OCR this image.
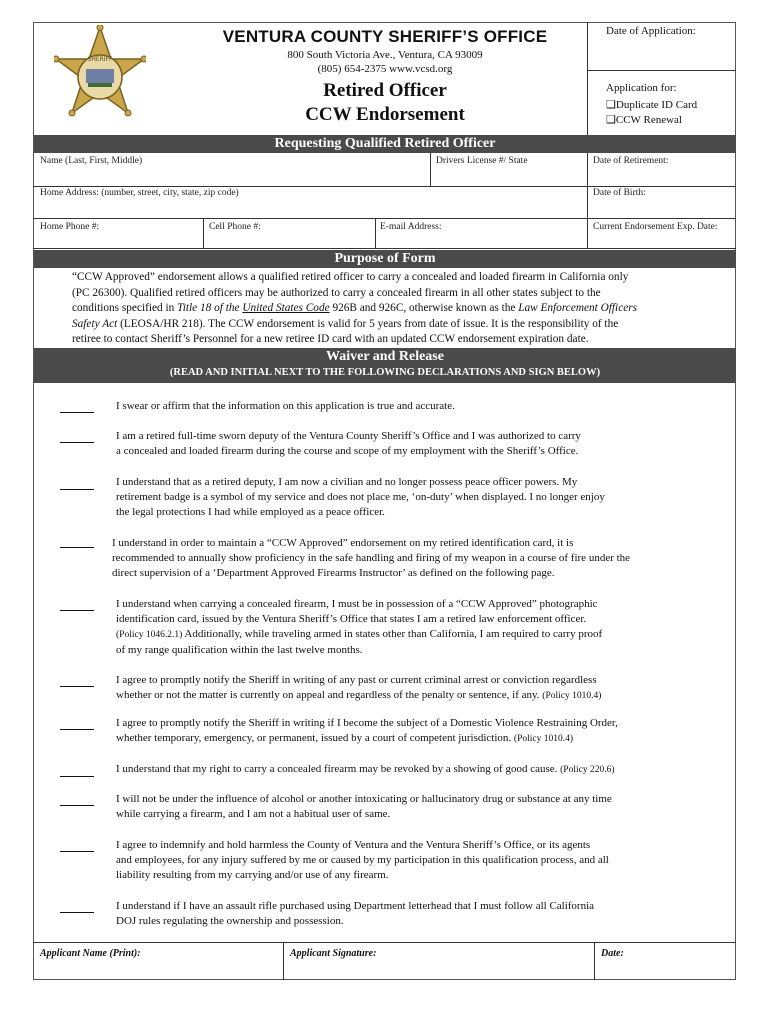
SHERIFF
VENTURA COUNTY SHERIFF’S OFFICE
800 South Victoria Ave., Ventura, CA 93009
(805) 654-2375 www.vcsd.org
Retired Officer
CCW Endorsement
Date of Application:
Application for:
❑Duplicate ID Card
❑CCW Renewal
Requesting Qualified Retired Officer
Name (Last, First, Middle)	Drivers License #/ State	Date of Retirement:
Home Address: (number, street, city, state, zip code)	Date of Birth:
Home Phone #:	Cell Phone #:	E-mail Address:	Current Endorsement Exp. Date:
Purpose of Form
“CCW Approved” endorsement allows a qualified retired officer to carry a concealed and loaded firearm in California only
(PC 26300). Qualified retired officers may be authorized to carry a concealed firearm in all other states subject to the
conditions specified in Title 18 of the United States Code 926B and 926C, otherwise known as the Law Enforcement Officers
Safety Act (LEOSA/HR 218). The CCW endorsement is valid for 5 years from date of issue. It is the responsibility of the
retiree to contact Sheriff’s Personnel for a new retiree ID card with an updated CCW endorsement expiration date.
Waiver and Release
(READ AND INITIAL NEXT TO THE FOLLOWING DECLARATIONS AND SIGN BELOW)
I swear or affirm that the information on this application is true and accurate.
I am a retired full-time sworn deputy of the Ventura County Sheriff’s Office and I was authorized to carry
a concealed and loaded firearm during the course and scope of my employment with the Sheriff’s Office.
I understand that as a retired deputy, I am now a civilian and no longer possess peace officer powers. My
retirement badge is a symbol of my service and does not place me, ‘on-duty’ when displayed. I no longer enjoy
the legal protections I had while employed as a peace officer.
I understand in order to maintain a “CCW Approved” endorsement on my retired identification card, it is
recommended to annually show proficiency in the safe handling and firing of my weapon in a course of fire under the
direct supervision of a ‘Department Approved Firearms Instructor’ as defined on the following page.
I understand when carrying a concealed firearm, I must be in possession of a “CCW Approved” photographic
identification card, issued by the Ventura Sheriff’s Office that states I am a retired law enforcement officer.
(Policy 1046.2.1) Additionally, while traveling armed in states other than California, I am required to carry proof
of my range qualification within the last twelve months.
I agree to promptly notify the Sheriff in writing of any past or current criminal arrest or conviction regardless
whether or not the matter is currently on appeal and regardless of the penalty or sentence, if any. (Policy 1010.4)
I agree to promptly notify the Sheriff in writing if I become the subject of a Domestic Violence Restraining Order,
whether temporary, emergency, or permanent, issued by a court of competent jurisdiction. (Policy 1010.4)
I understand that my right to carry a concealed firearm may be revoked by a showing of good cause. (Policy 220.6)
I will not be under the influence of alcohol or another intoxicating or hallucinatory drug or substance at any time
while carrying a firearm, and I am not a habitual user of same.
I agree to indemnify and hold harmless the County of Ventura and the Ventura Sheriff’s Office, or its agents
and employees, for any injury suffered by me or caused by my participation in this qualification process, and all
liability resulting from my carrying and/or use of any firearm.
I understand if I have an assault rifle purchased using Department letterhead that I must follow all California
DOJ rules regulating the ownership and possession.
Applicant Name (Print):	Applicant Signature:	Date:
